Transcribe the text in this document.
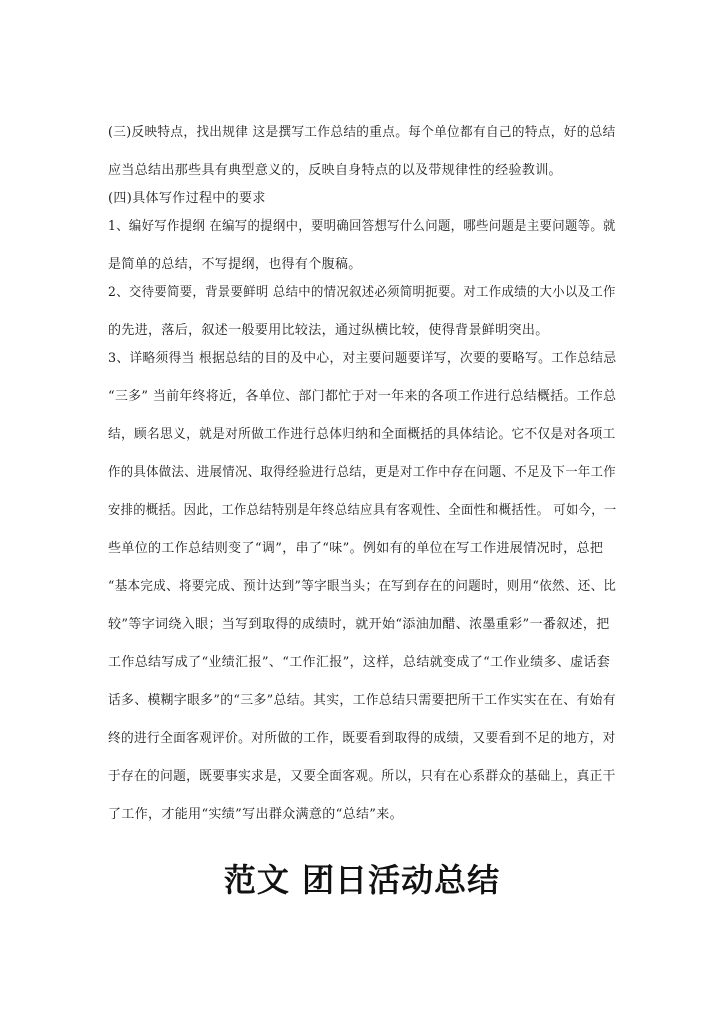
(三)反映特点，找出规律 这是撰写工作总结的重点。每个单位都有自己的特点，好的总结
应当总结出那些具有典型意义的，反映自身特点的以及带规律性的经验教训。
(四)具体写作过程中的要求
1、编好写作提纲 在编写的提纲中，要明确回答想写什么问题，哪些问题是主要问题等。就
是简单的总结，不写提纲，也得有个腹稿。
2、交待要简要，背景要鲜明 总结中的情况叙述必须简明扼要。对工作成绩的大小以及工作
的先进，落后，叙述一般要用比较法，通过纵横比较，使得背景鲜明突出。
3、详略须得当 根据总结的目的及中心，对主要问题要详写，次要的要略写。工作总结忌
“三多” 当前年终将近，各单位、部门都忙于对一年来的各项工作进行总结概括。工作总
结，顾名思义，就是对所做工作进行总体归纳和全面概括的具体结论。它不仅是对各项工
作的具体做法、进展情况、取得经验进行总结，更是对工作中存在问题、不足及下一年工作
安排的概括。因此，工作总结特别是年终总结应具有客观性、全面性和概括性。 可如今，一
些单位的工作总结则变了“调”，串了“味”。例如有的单位在写工作进展情况时，总把
“基本完成、将要完成、预计达到”等字眼当头；在写到存在的问题时，则用“依然、还、比
较”等字词绕入眼；当写到取得的成绩时，就开始“添油加醋、浓墨重彩”一番叙述，把
工作总结写成了“业绩汇报”、“工作汇报”，这样，总结就变成了“工作业绩多、虚话套
话多、模糊字眼多”的“三多”总结。其实，工作总结只需要把所干工作实实在在、有始有
终的进行全面客观评价。对所做的工作，既要看到取得的成绩，又要看到不足的地方，对
于存在的问题，既要事实求是，又要全面客观。所以，只有在心系群众的基础上，真正干
了工作，才能用“实绩”写出群众满意的“总结”来。
范文 团日活动总结
